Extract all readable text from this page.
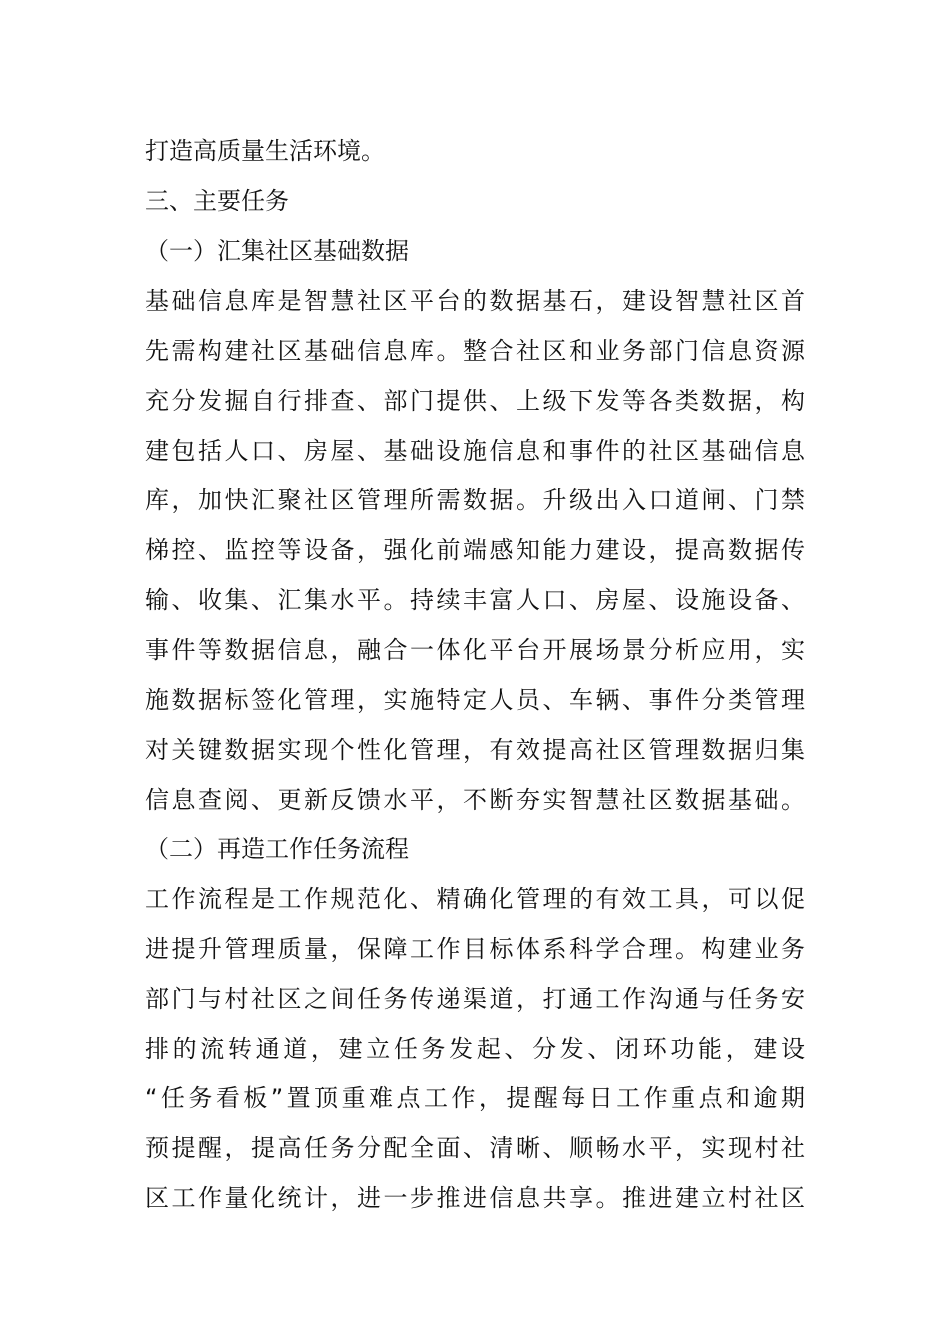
打造高质量生活环境。
三、主要任务
（一）汇集社区基础数据
基础信息库是智慧社区平台的数据基石，建设智慧社区首
先需构建社区基础信息库。整合社区和业务部门信息资源
充分发掘自行排查、部门提供、上级下发等各类数据，构
建包括人口、房屋、基础设施信息和事件的社区基础信息
库，加快汇聚社区管理所需数据。升级出入口道闸、门禁
梯控、监控等设备，强化前端感知能力建设，提高数据传
输、收集、汇集水平。持续丰富人口、房屋、设施设备、
事件等数据信息，融合一体化平台开展场景分析应用，实
施数据标签化管理，实施特定人员、车辆、事件分类管理
对关键数据实现个性化管理，有效提高社区管理数据归集
信息查阅、更新反馈水平，不断夯实智慧社区数据基础。
（二）再造工作任务流程
工作流程是工作规范化、精确化管理的有效工具，可以促
进提升管理质量，保障工作目标体系科学合理。构建业务
部门与村社区之间任务传递渠道，打通工作沟通与任务安
排的流转通道，建立任务发起、分发、闭环功能，建设
“任务看板”置顶重难点工作，提醒每日工作重点和逾期
预提醒，提高任务分配全面、清晰、顺畅水平，实现村社
区工作量化统计，进一步推进信息共享。推进建立村社区
